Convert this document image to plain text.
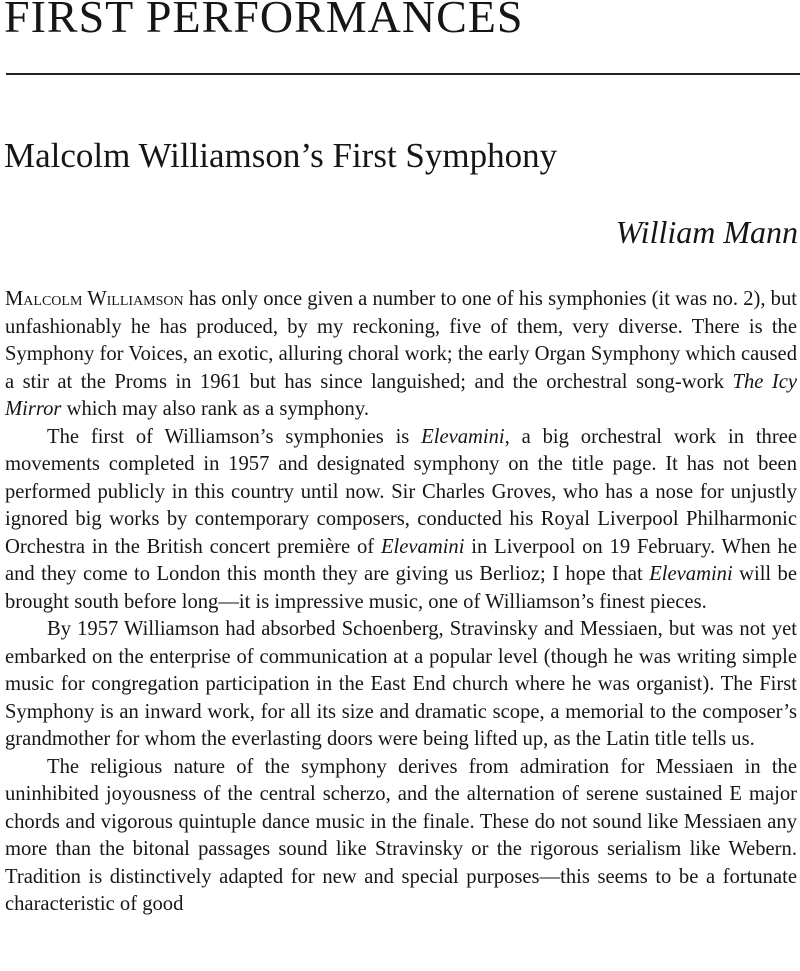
FIRST PERFORMANCES
Malcolm Williamson’s First Symphony
William Mann

Malcolm Williamson has only once given a number to one of his symphonies (it was no. 2), but unfashionably he has produced, by my reckoning, five of them, very diverse. There is the Symphony for Voices, an exotic, alluring choral work; the early Organ Symphony which caused a stir at the Proms in 1961 but has since languished; and the orchestral song-work The Icy Mirror which may also rank as a symphony.

The first of Williamson’s symphonies is Elevamini, a big orchestral work in three movements completed in 1957 and designated symphony on the title page. It has not been performed publicly in this country until now. Sir Charles Groves, who has a nose for unjustly ignored big works by contemporary composers, conducted his Royal Liverpool Philharmonic Orchestra in the British concert première of Elevamini in Liverpool on 19 February. When he and they come to London this month they are giving us Berlioz; I hope that Elevamini will be brought south before long—it is impressive music, one of Williamson’s finest pieces.

By 1957 Williamson had absorbed Schoenberg, Stravinsky and Messiaen, but was not yet embarked on the enterprise of communication at a popular level (though he was writing simple music for congregation participation in the East End church where he was organist). The First Symphony is an inward work, for all its size and dramatic scope, a memorial to the composer’s grandmother for whom the everlasting doors were being lifted up, as the Latin title tells us.

The religious nature of the symphony derives from admiration for Messiaen in the uninhibited joyousness of the central scherzo, and the alternation of serene sustained E major chords and vigorous quintuple dance music in the finale. These do not sound like Messiaen any more than the bitonal passages sound like Stravinsky or the rigorous serialism like Webern. Tradition is distinctively adapted for new and special purposes—this seems to be a fortunate characteristic of good
